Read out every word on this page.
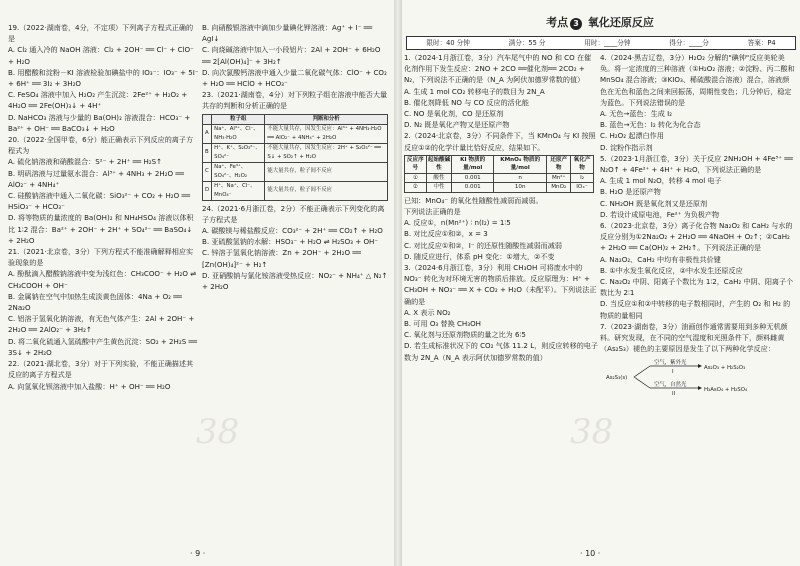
38

19.（2022·湖南卷，4分，不定项）下列离子方程式正确的是

A. Cl₂ 通入冷的 NaOH 溶液：Cl₂ + 2OH⁻ ══ Cl⁻ + ClO⁻ + H₂O

B. 用醋酸和淀粉－KI 溶液检验加碘盐中的 IO₃⁻：IO₃⁻ + 5I⁻ + 6H⁺ ══ 3I₂ + 3H₂O

C. FeSO₄ 溶液中加入 H₂O₂ 产生沉淀：2Fe²⁺ + H₂O₂ + 4H₂O ══ 2Fe(OH)₃↓ + 4H⁺

D. NaHCO₃ 溶液与少量的 Ba(OH)₂ 溶液混合：HCO₃⁻ + Ba²⁺ + OH⁻ ══ BaCO₃↓ + H₂O

20.（2022·全国甲卷，6分）能正确表示下列反应的离子方程式为

A. 硫化钠溶液和硝酸混合：S²⁻ + 2H⁺ ══ H₂S↑

B. 明矾溶液与过量氨水混合：Al³⁺ + 4NH₃ + 2H₂O ══ AlO₂⁻ + 4NH₄⁺

C. 硅酸钠溶液中通入二氧化碳：SiO₃²⁻ + CO₂ + H₂O ══ HSiO₃⁻ + HCO₃⁻

D. 将等物质的量浓度的 Ba(OH)₂ 和 NH₄HSO₄ 溶液以体积比 1∶2 混合：Ba²⁺ + 2OH⁻ + 2H⁺ + SO₄²⁻ ══ BaSO₄↓ + 2H₂O

21.（2021·北京卷，3分）下列方程式不能准确解释相应实验现象的是

A. 酚酞滴入醋酸钠溶液中变为浅红色：CH₃COO⁻ + H₂O ⇌ CH₃COOH + OH⁻

B. 金属钠在空气中加热生成淡黄色固体：4Na + O₂ ══ 2Na₂O

C. 铝溶于氢氧化钠溶液，有无色气体产生：2Al + 2OH⁻ + 2H₂O ══ 2AlO₂⁻ + 3H₂↑

D. 将二氧化硫通入氢硫酸中产生黄色沉淀：SO₂ + 2H₂S ══ 3S↓ + 2H₂O

22.（2021·湖北卷，3分）对于下列实验，不能正确描述其反应的离子方程式是

A. 向氢氧化钡溶液中加入盐酸：H⁺ + OH⁻ ══ H₂O

B. 向硝酸银溶液中滴加少量碘化钾溶液：Ag⁺ + I⁻ ══ AgI↓

C. 向烧碱溶液中加入一小段铝片：2Al + 2OH⁻ + 6H₂O ══ 2[Al(OH)₄]⁻ + 3H₂↑

D. 向次氯酸钙溶液中通入少量二氧化碳气体：ClO⁻ + CO₂ + H₂O ══ HClO + HCO₃⁻

23.（2021·湖南卷，4分）对下列粒子组在溶液中能否大量共存的判断和分析正确的是

	粒子组	判断和分析
A	Na⁺、Al³⁺、Cl⁻、NH₃·H₂O	不能大量共存，因发生反应：Al³⁺ + 4NH₃·H₂O ══ AlO₂⁻ + 4NH₄⁺ + 2H₂O
B	H⁺、K⁺、S₂O₃²⁻、SO₄²⁻	不能大量共存，因发生反应：2H⁺ + S₂O₃²⁻ ══ S↓ + SO₂↑ + H₂O
C	Na⁺、Fe³⁺、SO₄²⁻、H₂O₂	能大量共存，粒子间不反应
D	H⁺、Na⁺、Cl⁻、MnO₄⁻	能大量共存，粒子间不反应

24.（2021·6月浙江卷，2分）不能正确表示下列变化的离子方程式是

A. 碳酸镁与稀盐酸反应：CO₃²⁻ + 2H⁺ ══ CO₂↑ + H₂O

B. 亚硫酸氢钠的水解：HSO₃⁻ + H₂O ⇌ H₂SO₃ + OH⁻

C. 锌溶于氢氧化钠溶液：Zn + 2OH⁻ + 2H₂O ══ [Zn(OH)₄]²⁻ + H₂↑

D. 亚硝酸钠与氯化铵溶液受热反应：NO₂⁻ + NH₄⁺ △ N₂↑ + 2H₂O

· 9 ·
38
考点 3 氧化还原反应
限时：40 分钟	满分：55 分	用时：____分钟	得分：____分	答案：P4

1.（2024·1月浙江卷，3分）汽车尾气中的 NO 和 CO 在催化剂作用下发生反应：2NO + 2CO ══催化剂══ 2CO₂ + N₂，下列说法不正确的是（N_A 为阿伏加德罗常数的值）

A. 生成 1 mol CO₂ 转移电子的数目为 2N_A

B. 催化剂降低 NO 与 CO 反应的活化能

C. NO 是氧化剂，CO 是还原剂

D. N₂ 既是氧化产物又是还原产物

2.（2024·北京卷，3分）不同条件下，当 KMnO₄ 与 KI 按照反应①②的化学计量比恰好反应，结果如下。

反应序号	起始酸碱性	KI 物质的量/mol	KMnO₄ 物质的量/mol	还原产物	氧化产物
①	酸性	0.001	n	Mn²⁺	I₂
②	中性	0.001	10n	MnO₂	IOₓ⁻

已知：MnO₄⁻ 的氧化性随酸性减弱而减弱。

下列说法正确的是

A. 反应①，n(Mn²⁺) ∶ n(I₂) = 1∶5

B. 对比反应①和②，x = 3

C. 对比反应①和②，I⁻ 的还原性随酸性减弱而减弱

D. 随反应进行，体系 pH 变化：①增大，②不变

3.（2024·6月浙江卷，3分）利用 CH₃OH 可将废水中的 NO₃⁻ 转化为对环境无害的物质后排放。反应原理为：H⁺ + CH₃OH + NO₃⁻ ══ X + CO₂ + H₂O（未配平）。下列说法正确的是

A. X 表示 NO₂

B. 可用 O₃ 替换 CH₃OH

C. 氧化剂与还原剂物质的量之比为 6∶5

D. 若生成标准状况下的 CO₂ 气体 11.2 L，则反应转移的电子数为 2N_A（N_A 表示阿伏加德罗常数的值）

4.（2024·黑吉辽卷，3分）H₂O₂ 分解的"碘钟"反应美轮美奂。将一定浓度的三种溶液（①H₂O₂ 溶液；②淀粉、丙二酸和 MnSO₄ 混合溶液；③KIO₃、稀硫酸混合溶液）混合，溶液颜色在无色和蓝色之间来回振荡，周期性变色；几分钟后，稳定为蓝色。下列说法错误的是

A. 无色→蓝色：生成 I₂

B. 蓝色→无色：I₂ 转化为化合态

C. H₂O₂ 起漂白作用

D. 淀粉作指示剂

5.（2023·1月浙江卷，3分）关于反应 2NH₂OH + 4Fe³⁺ ══ N₂O↑ + 4Fe²⁺ + 4H⁺ + H₂O，下列说法正确的是

A. 生成 1 mol N₂O，转移 4 mol 电子

B. H₂O 是还原产物

C. NH₂OH 既是氧化剂又是还原剂

D. 若设计成原电池，Fe²⁺ 为负极产物

6.（2023·北京卷，3分）离子化合物 Na₂O₂ 和 CaH₂ 与水的反应分别为①2Na₂O₂ + 2H₂O ══ 4NaOH + O₂↑；②CaH₂ + 2H₂O ══ Ca(OH)₂ + 2H₂↑。下列说法正确的是

A. Na₂O₂、CaH₂ 中均有非极性共价键

B. ①中水发生氧化反应，②中水发生还原反应

C. Na₂O₂ 中阴、阳离子个数比为 1∶2，CaH₂ 中阴、阳离子个数比为 2∶1

D. 当反应①和②中转移的电子数相同时，产生的 O₂ 和 H₂ 的物质的量相同

7.（2023·湖南卷，3分）油画创作通常需要用到多种无机颜料。研究发现，在不同的空气湿度和光照条件下，颜料雌黄（As₂S₃）褪色的主要原因是发生了以下两种化学反应：

As₂S₃(s)
空气，紫外光
I
As₂O₃ + H₂S₂O₃
空气，自然光
II
H₃AsO₄ + H₂SO₄
· 10 ·
